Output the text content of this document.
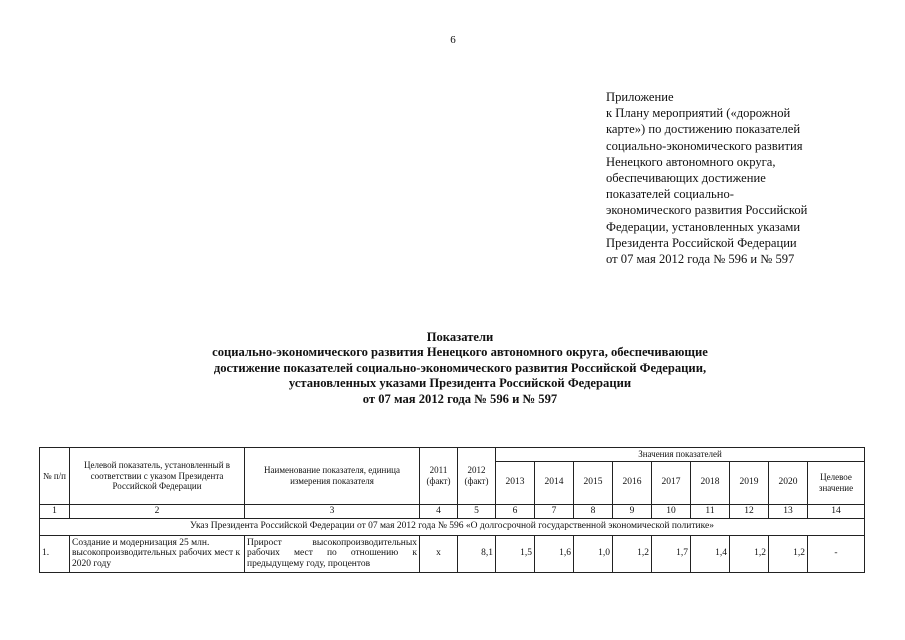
6
Приложение
к Плану мероприятий («дорожной
карте») по достижению показателей
социально-экономического развития
Ненецкого автономного округа,
обеспечивающих достижение
показателей социально-
экономического развития Российской
Федерации, установленных указами
Президента Российской Федерации
от 07 мая 2012 года № 596 и № 597
Показатели
социально-экономического развития Ненецкого автономного округа, обеспечивающие
достижение показателей социально-экономического развития Российской Федерации,
установленных указами Президента Российской Федерации
от 07 мая 2012 года № 596 и № 597
№ п/п	Целевой показатель, установленный в соответствии с указом Президента Российской Федерации	Наименование показателя, единица измерения показателя	2011 (факт)	2012 (факт)	Значения показателей								
					2013	2014	2015	2016	2017	2018	2019	2020	Целевое значение
1	2	3	4	5	6	7	8	9	10	11	12	13	14
Указ Президента Российской Федерации от 07 мая 2012 года № 596 «О долгосрочной государственной экономической политике»													
1.	Создание и модернизация 25 млн. высокопроизводительных рабочих мест к 2020 году	Прирост высокопроизводительных рабочих мест по отношению к предыдущему году, процентов	х	8,1	1,5	1,6	1,0	1,2	1,7	1,4	1,2	1,2	-
